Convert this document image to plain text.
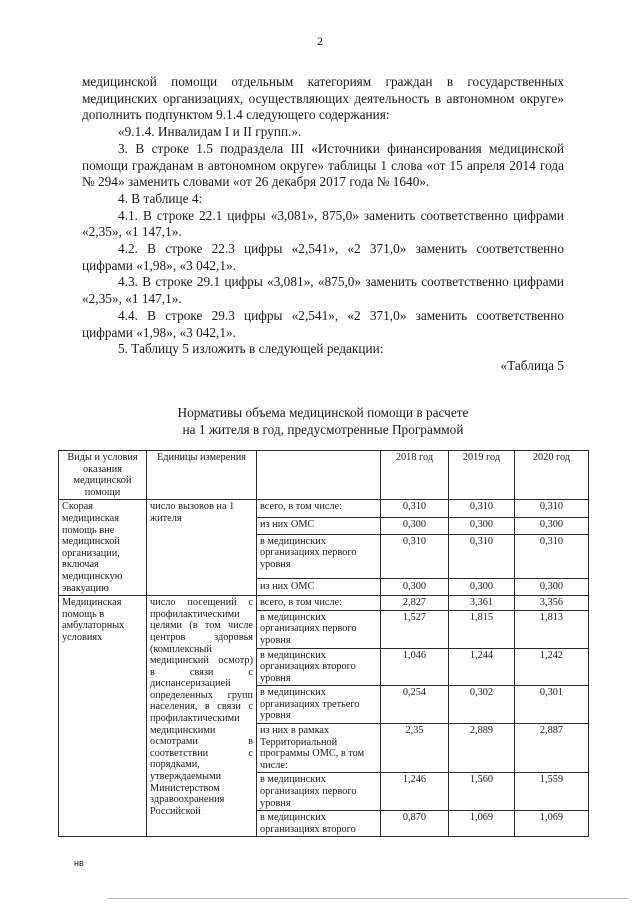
2

медицинской помощи отдельным категориям граждан в государственных медицинских организациях, осуществляющих деятельность в автономном округе» дополнить подпунктом 9.1.4 следующего содержания:

«9.1.4. Инвалидам I и II групп.».

3. В строке 1.5 подраздела III «Источники финансирования медицинской помощи гражданам в автономном округе» таблицы 1 слова «от 15 апреля 2014 года № 294» заменить словами «от 26 декабря 2017 года № 1640».

4. В таблице 4:

4.1. В строке 22.1 цифры «3,081», 875,0» заменить соответственно цифрами «2,35», «1 147,1».

4.2. В строке 22.3 цифры «2,541», «2 371,0» заменить соответственно цифрами «1,98», «3 042,1».

4.3. В строке 29.1 цифры «3,081», «875,0» заменить соответственно цифрами «2,35», «1 147,1».

4.4. В строке 29.3 цифры «2,541», «2 371,0» заменить соответственно цифрами «1,98», «3 042,1».

5. Таблицу 5 изложить в следующей редакции:

«Таблица 5

Нормативы объема медицинской помощи в расчете
на 1 жителя в год, предусмотренные Программой
Виды и условия оказания медицинской помощи	Единицы измерения		2018 год	2019 год	2020 год
Скорая медицинская помощь вне медицинской организации, включая медицинскую эвакуацию	число вызовов на 1 жителя	всего, в том числе:	0,310	0,310	0,310
		из них ОМС	0,300	0,300	0,300
		в медицинских организациях первого уровня	0,310	0,310	0,310
		из них ОМС	0,300	0,300	0,300
Медицинская помощь в амбулаторных условиях	число посещений с профилактическими целями (в том числе центров здоровья (комплексный медицинский осмотр) в связи с диспансеризацией определенных групп населения, в связи с профилактическими медицинскими осмотрами в соответствии с порядками, утверждаемыми Министерством здравоохранения Российской	всего, в том числе:	2,827	3,361	3,356
		в медицинских организациях первого уровня	1,527	1,815	1,813
		в медицинских организациях второго уровня	1,046	1,244	1,242
		в медицинских организациях третьего уровня	0,254	0,302	0,301
		из них в рамках Территориальной программы ОМС, в том числе:	2,35	2,889	2,887
		в медицинских организациях первого уровня	1,246	1,560	1,559
		в медицинских организациях второго	0,870	1,069	1,069
нв
